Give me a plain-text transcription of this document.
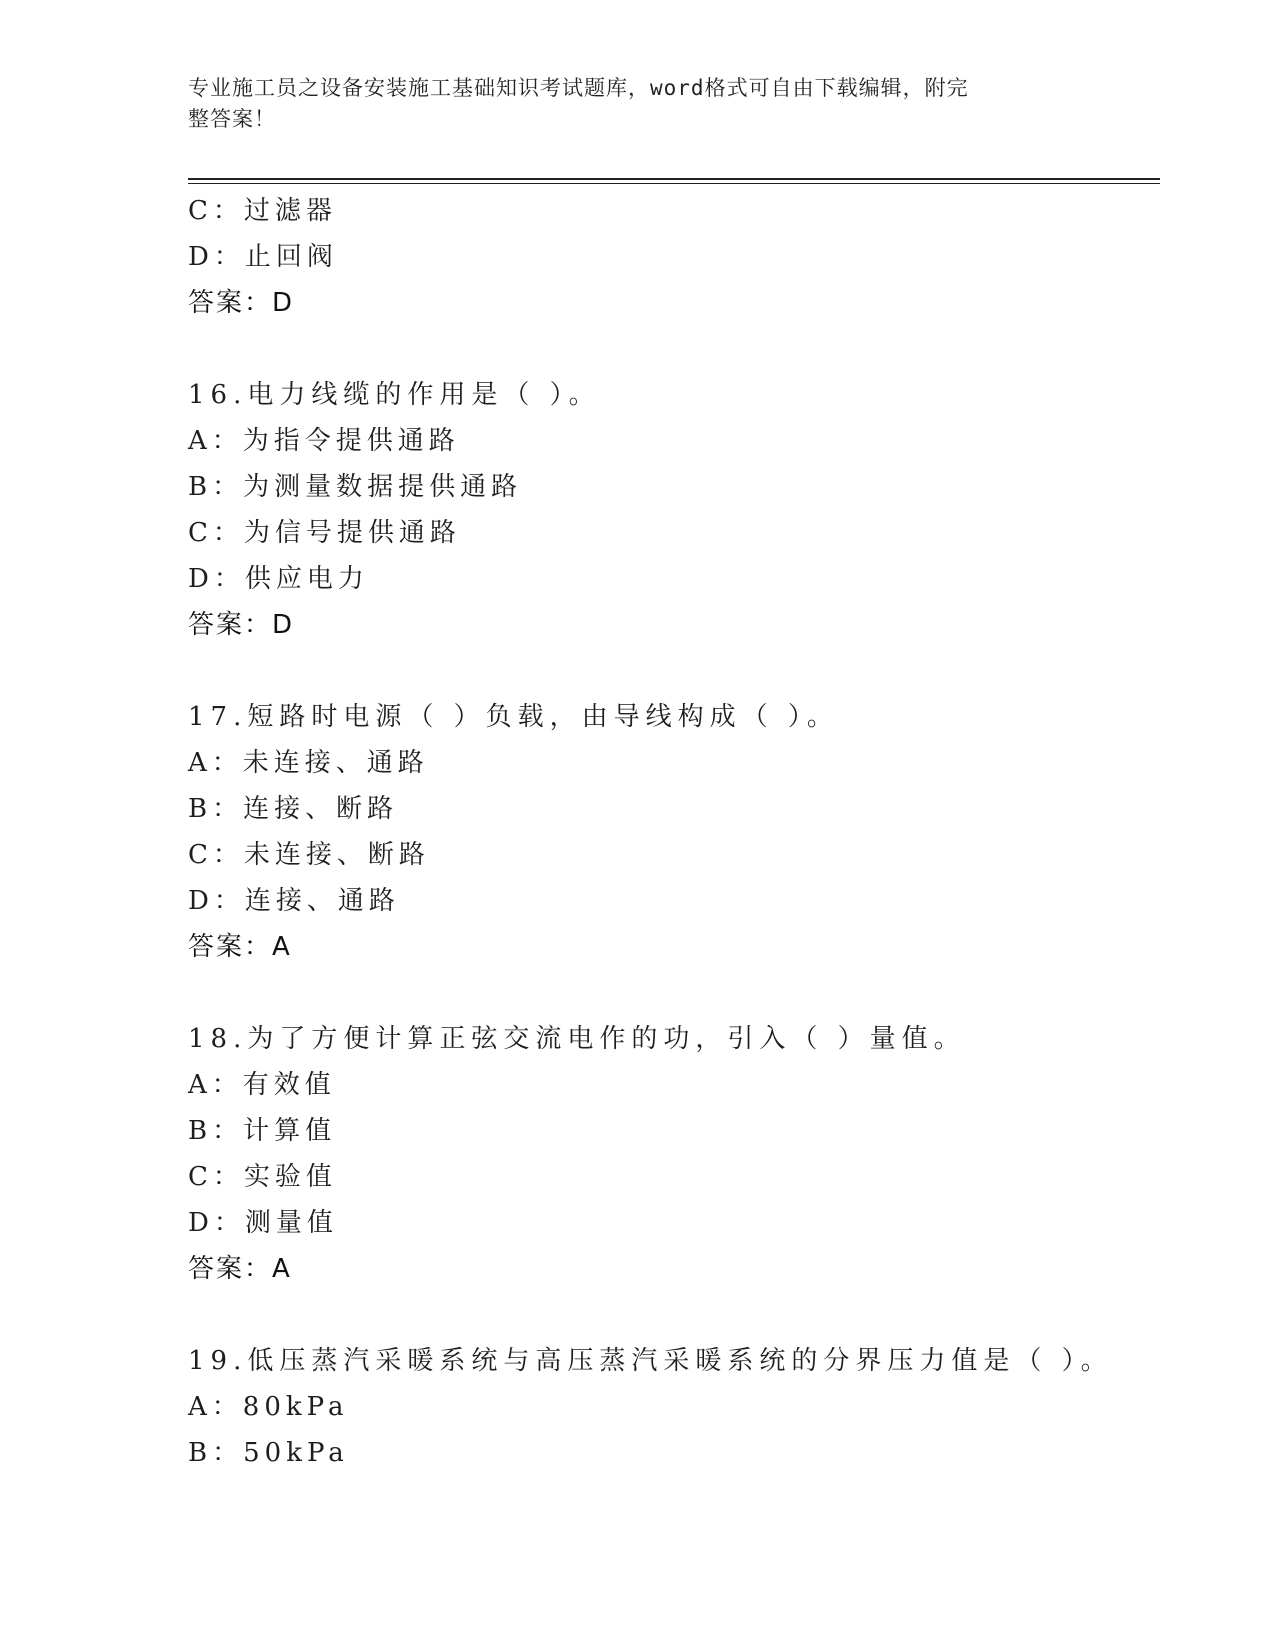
专业施工员之设备安装施工基础知识考试题库，word格式可自由下载编辑，附完
整答案！
C：过滤器
D：止回阀
答案：D
16.电力线缆的作用是（ ）。
A：为指令提供通路
B：为测量数据提供通路
C：为信号提供通路
D：供应电力
答案：D
17.短路时电源（ ）负载，由导线构成（ ）。
A：未连接、通路
B：连接、断路
C：未连接、断路
D：连接、通路
答案：A
18.为了方便计算正弦交流电作的功，引入（ ）量值。
A：有效值
B：计算值
C：实验值
D：测量值
答案：A
19.低压蒸汽采暖系统与高压蒸汽采暖系统的分界压力值是（ ）。
A：80kPa
B：50kPa
